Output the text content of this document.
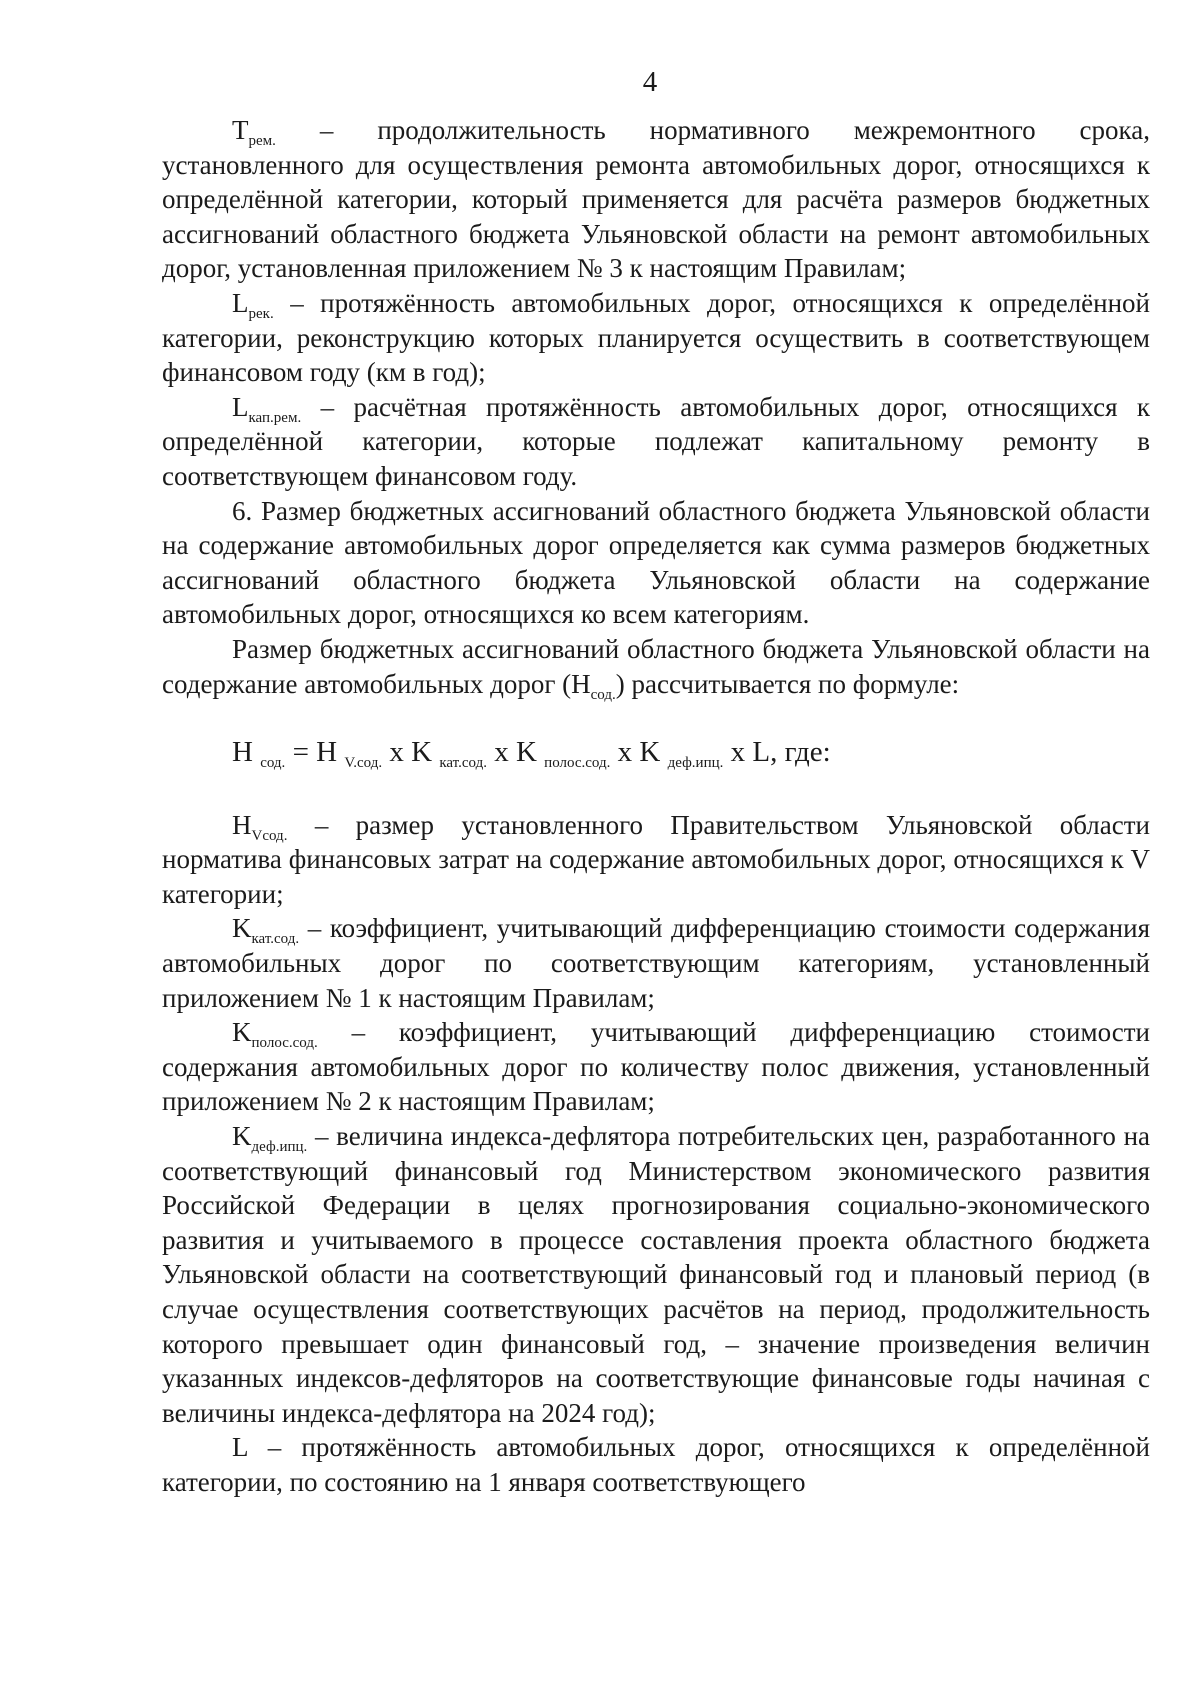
4

$T_{рем.}$ – продолжительность нормативного межремонтного срока, установленного для осуществления ремонта автомобильных дорог, относящихся к определённой категории, который применяется для расчёта размеров бюджетных ассигнований областного бюджета Ульяновской области на ремонт автомобильных дорог, установленная приложением № 3 к настоящим Правилам;

$L_{рек.}$ – протяжённость автомобильных дорог, относящихся к определённой категории, реконструкцию которых планируется осуществить в соответствующем финансовом году (км в год);

$L_{кап.рем.}$ – расчётная протяжённость автомобильных дорог, относящихся к определённой категории, которые подлежат капитальному ремонту в соответствующем финансовом году.

6. Размер бюджетных ассигнований областного бюджета Ульяновской области на содержание автомобильных дорог определяется как сумма размеров бюджетных ассигнований областного бюджета Ульяновской области на содержание автомобильных дорог, относящихся ко всем категориям.

Размер бюджетных ассигнований областного бюджета Ульяновской области на содержание автомобильных дорог $(H_{сод.})$ рассчитывается по формуле:

H $_{сод.}$ = H $_{V.сод.}$ x K $_{кат.сод.}$ x K $_{полос.сод.}$ x K $_{деф.ипц.}$ x L, где:

$H_{Vсод.}$ – размер установленного Правительством Ульяновской области норматива финансовых затрат на содержание автомобильных дорог, относящихся к V категории;

$K_{кат.сод.}$ – коэффициент, учитывающий дифференциацию стоимости содержания автомобильных дорог по соответствующим категориям, установленный приложением № 1 к настоящим Правилам;

$K_{полос.сод.}$ – коэффициент, учитывающий дифференциацию стоимости содержания автомобильных дорог по количеству полос движения, установленный приложением № 2 к настоящим Правилам;

$K_{деф.ипц.}$ – величина индекса-дефлятора потребительских цен, разработанного на соответствующий финансовый год Министерством экономического развития Российской Федерации в целях прогнозирования социально-экономического развития и учитываемого в процессе составления проекта областного бюджета Ульяновской области на соответствующий финансовый год и плановый период (в случае осуществления соответствующих расчётов на период, продолжительность которого превышает один финансовый год, – значение произведения величин указанных индексов-дефляторов на соответствующие финансовые годы начиная с величины индекса-дефлятора на 2024 год);

L – протяжённость автомобильных дорог, относящихся к определённой категории, по состоянию на 1 января соответствующего
